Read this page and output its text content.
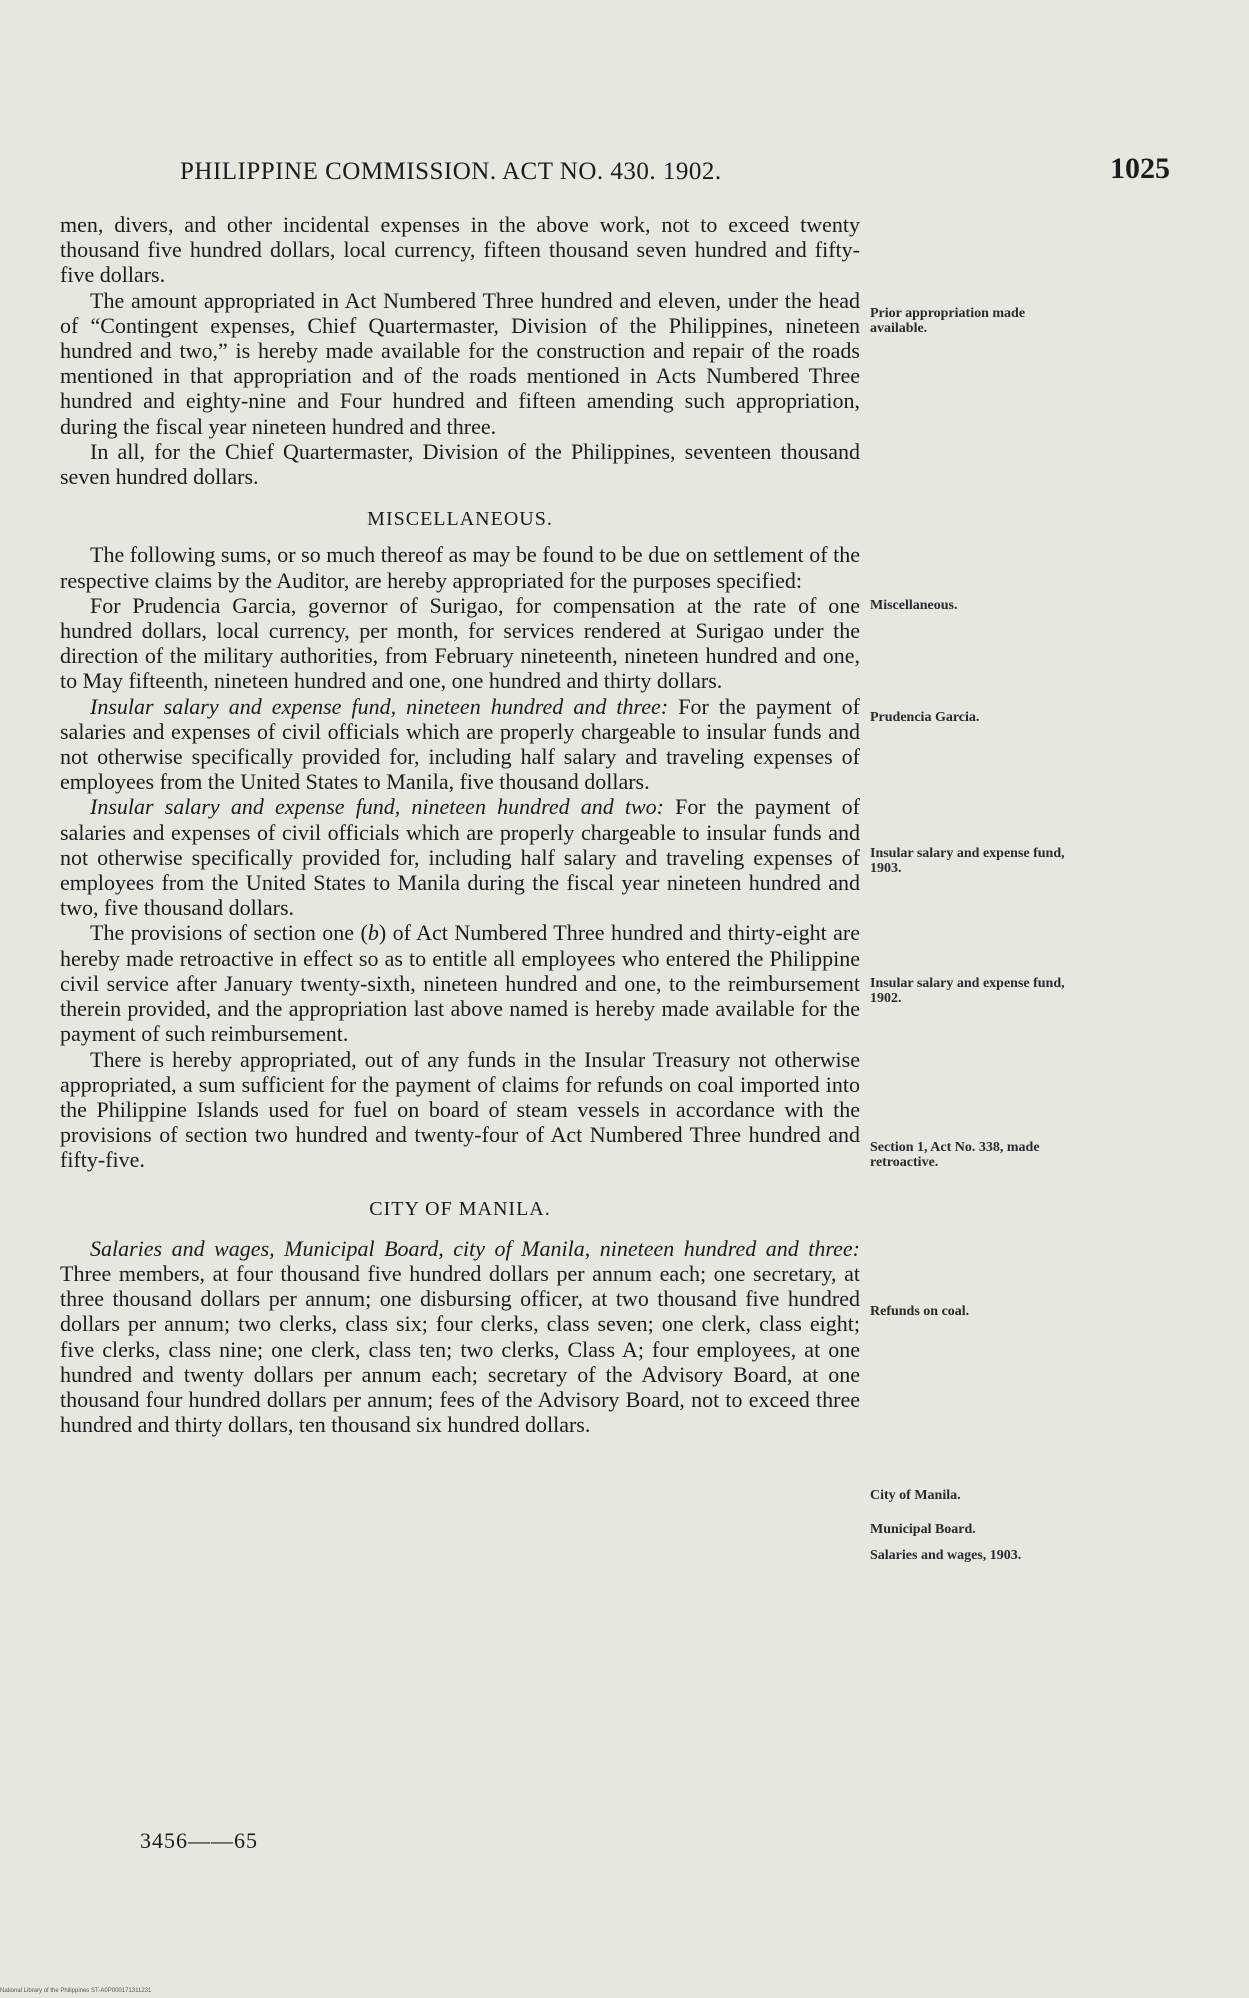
PHILIPPINE COMMISSION. ACT NO. 430. 1902.	1025

men, divers, and other incidental expenses in the above work, not to exceed twenty thousand five hundred dollars, local currency, fifteen thousand seven hundred and fifty-five dollars.

The amount appropriated in Act Numbered Three hundred and eleven, under the head of “Contingent expenses, Chief Quartermaster, Division of the Philippines, nineteen hundred and two,” is hereby made available for the construction and repair of the roads mentioned in that appropriation and of the roads mentioned in Acts Numbered Three hundred and eighty-nine and Four hundred and fifteen amending such appropriation, during the fiscal year nineteen hundred and three.

In all, for the Chief Quartermaster, Division of the Philippines, seventeen thousand seven hundred dollars.

MISCELLANEOUS.

The following sums, or so much thereof as may be found to be due on settlement of the respective claims by the Auditor, are hereby appropriated for the purposes specified:

For Prudencia Garcia, governor of Surigao, for compensation at the rate of one hundred dollars, local currency, per month, for services rendered at Surigao under the direction of the military authorities, from February nineteenth, nineteen hundred and one, to May fifteenth, nineteen hundred and one, one hundred and thirty dollars.

Insular salary and expense fund, nineteen hundred and three: For the payment of salaries and expenses of civil officials which are properly chargeable to insular funds and not otherwise specifically provided for, including half salary and traveling expenses of employees from the United States to Manila, five thousand dollars.

Insular salary and expense fund, nineteen hundred and two: For the payment of salaries and expenses of civil officials which are properly chargeable to insular funds and not otherwise specifically provided for, including half salary and traveling expenses of employees from the United States to Manila during the fiscal year nineteen hundred and two, five thousand dollars.

The provisions of section one (b) of Act Numbered Three hundred and thirty-eight are hereby made retroactive in effect so as to entitle all employees who entered the Philippine civil service after January twenty-sixth, nineteen hundred and one, to the reimbursement therein provided, and the appropriation last above named is hereby made available for the payment of such reimbursement.

There is hereby appropriated, out of any funds in the Insular Treasury not otherwise appropriated, a sum sufficient for the payment of claims for refunds on coal imported into the Philippine Islands used for fuel on board of steam vessels in accordance with the provisions of section two hundred and twenty-four of Act Numbered Three hundred and fifty-five.

CITY OF MANILA.

Salaries and wages, Municipal Board, city of Manila, nineteen hundred and three: Three members, at four thousand five hundred dollars per annum each; one secretary, at three thousand dollars per annum; one disbursing officer, at two thousand five hundred dollars per annum; two clerks, class six; four clerks, class seven; one clerk, class eight; five clerks, class nine; one clerk, class ten; two clerks, Class A; four employees, at one hundred and twenty dollars per annum each; secretary of the Advisory Board, at one thousand four hundred dollars per annum; fees of the Advisory Board, not to exceed three hundred and thirty dollars, ten thousand six hundred dollars.

3456——65
Prior appropriation made available.
Miscellaneous.
Prudencia Garcia.
Insular salary and expense fund, 1903.
Insular salary and expense fund, 1902.
Section 1, Act No. 338, made retroactive.
Refunds on coal.
City of Manila.
Municipal Board.
Salaries and wages, 1903.
National Library of the Philippines ST-A0P000171311231
